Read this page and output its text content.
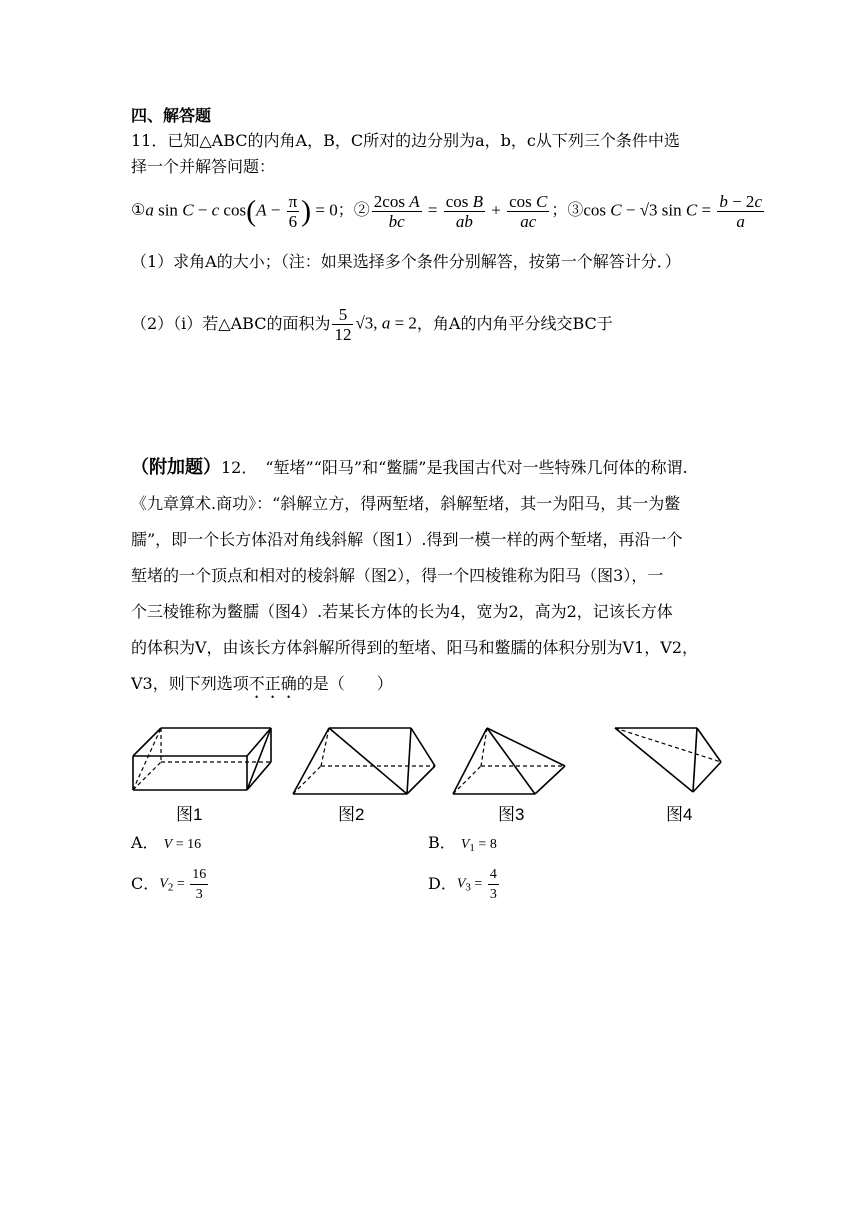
四、解答题
11．已知△ABC的内角A，B，C所对的边分别为a，b，c从下列三个条件中选
择一个并解答问题：
① a sin C − c $\cos(A - \frac{\pi}{6}$ ) = 0 ；② $\frac{\text{2cos A}}{bc} = \frac{\text{cos B}}{ab} + \frac{\text{cos C}}{ac}$ ；③ cos C − √3 $\sin C = \frac{b - 2c}{a}$
（1）求角A的大小；（注：如果选择多个条件分别解答，按第一个解答计分．）
（2）（i）若△ABC的面积为 $\frac{5}{12} √3$, a = 2 ，角A的内角平分线交BC于
（附加题）12．　“堑堵”“阳马”和“鳖臑”是我国古代对一些特殊几何体的称谓.
《九章算术.商功》：“斜解立方，得两堑堵，斜解堑堵，其一为阳马，其一为鳖
臑”，即一个长方体沿对角线斜解（图1）.得到一模一样的两个堑堵，再沿一个
堑堵的一个顶点和相对的棱斜解（图2），得一个四棱锥称为阳马（图3），一
个三棱锥称为鳖臑（图4）.若某长方体的长为4，宽为2，高为2，记该长方体
的体积为V，由该长方体斜解所得到的堑堵、阳马和鳖臑的体积分别为V1，V2，
V3，则下列选项不正确的是（　　）
图1	图2	图3	图4
A． V = 16	B． $V_1 = 8$
C． $V_2 = \frac{16}{3}$	D． $V_3 = \frac{4}{3}$
